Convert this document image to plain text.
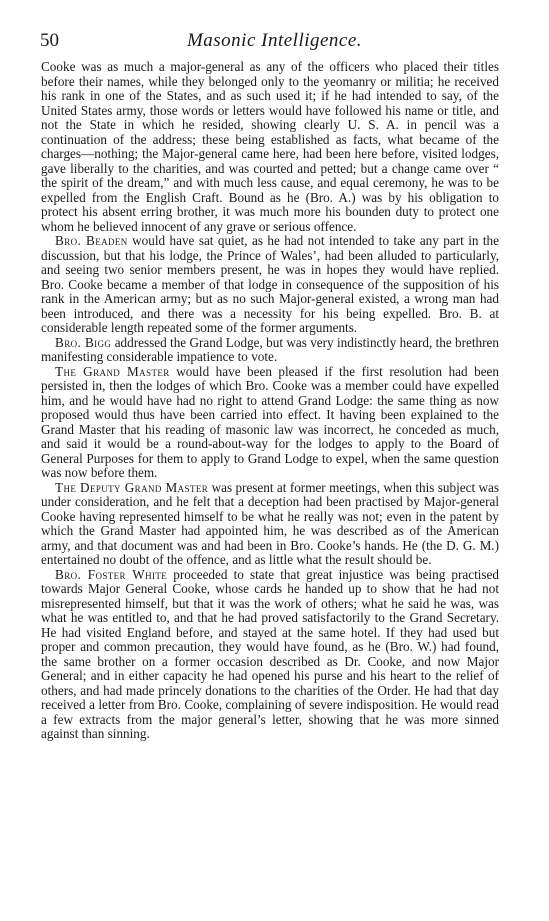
50	Masonic Intelligence.

Cooke was as much a major-general as any of the officers who placed their titles before their names, while they belonged only to the yeomanry or militia; he received his rank in one of the States, and as such used it; if he had intended to say, of the United States army, those words or letters would have followed his name or title, and not the State in which he resided, showing clearly U. S. A. in pencil was a continuation of the address; these being established as facts, what became of the charges—nothing; the Major-general came here, had been here before, visited lodges, gave liberally to the charities, and was courted and petted; but a change came over “ the spirit of the dream,” and with much less cause, and equal ceremony, he was to be expelled from the English Craft. Bound as he (Bro. A.) was by his obligation to protect his absent erring brother, it was much more his bounden duty to protect one whom he believed innocent of any grave or serious offence.

Bro. Beaden would have sat quiet, as he had not intended to take any part in the discussion, but that his lodge, the Prince of Wales’, had been alluded to particularly, and seeing two senior members present, he was in hopes they would have replied. Bro. Cooke became a member of that lodge in consequence of the supposition of his rank in the American army; but as no such Major-general existed, a wrong man had been introduced, and there was a necessity for his being expelled. Bro. B. at considerable length repeated some of the former arguments.

Bro. Bigg addressed the Grand Lodge, but was very indistinctly heard, the brethren manifesting considerable impatience to vote.

The Grand Master would have been pleased if the first resolution had been persisted in, then the lodges of which Bro. Cooke was a member could have expelled him, and he would have had no right to attend Grand Lodge: the same thing as now proposed would thus have been carried into effect. It having been explained to the Grand Master that his reading of masonic law was incorrect, he conceded as much, and said it would be a round-about-way for the lodges to apply to the Board of General Purposes for them to apply to Grand Lodge to expel, when the same question was now before them.

The Deputy Grand Master was present at former meetings, when this subject was under consideration, and he felt that a deception had been practised by Major-general Cooke having represented himself to be what he really was not; even in the patent by which the Grand Master had appointed him, he was described as of the American army, and that document was and had been in Bro. Cooke’s hands. He (the D. G. M.) entertained no doubt of the offence, and as little what the result should be.

Bro. Foster White proceeded to state that great injustice was being practised towards Major General Cooke, whose cards he handed up to show that he had not misrepresented himself, but that it was the work of others; what he said he was, was what he was entitled to, and that he had proved satisfactorily to the Grand Secretary. He had visited England before, and stayed at the same hotel. If they had used but proper and common precaution, they would have found, as he (Bro. W.) had found, the same brother on a former occasion described as Dr. Cooke, and now Major General; and in either capacity he had opened his purse and his heart to the relief of others, and had made princely donations to the charities of the Order. He had that day received a letter from Bro. Cooke, complaining of severe indisposition. He would read a few extracts from the major general’s letter, showing that he was more sinned against than sinning.
